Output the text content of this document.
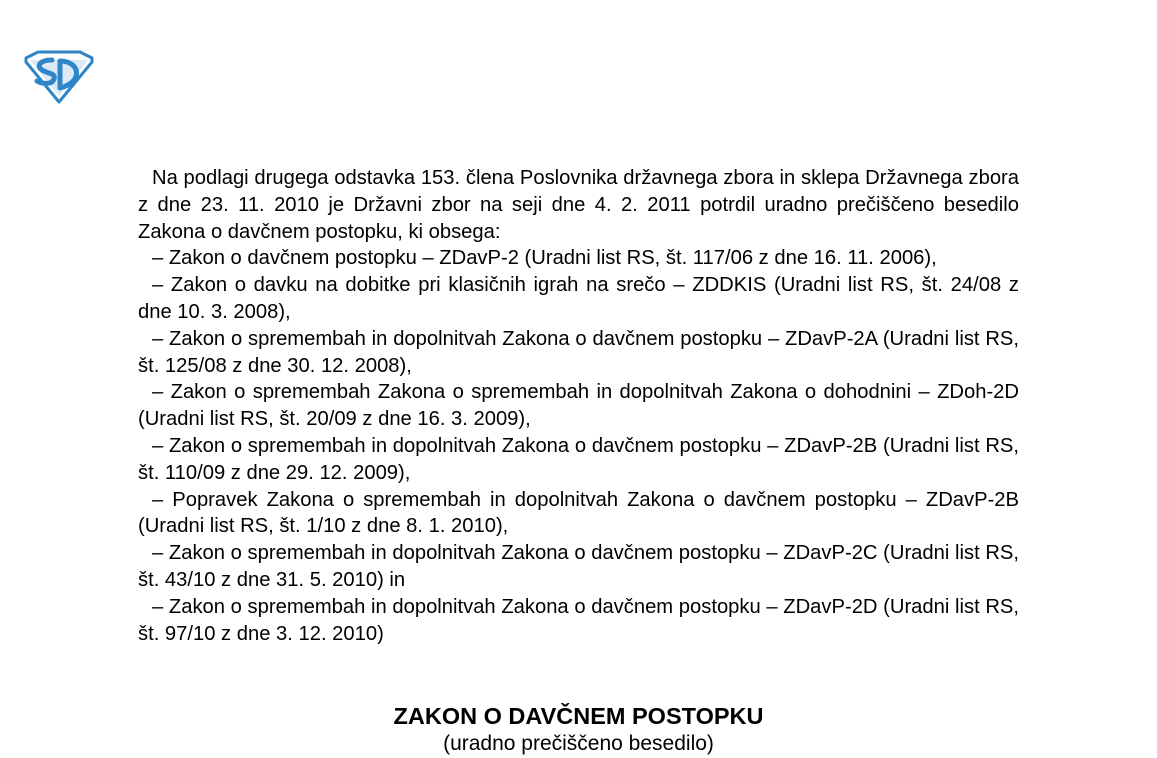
Na podlagi drugega odstavka 153. člena Poslovnika državnega zbora in sklepa Državnega zbora z dne 23. 11. 2010 je Državni zbor na seji dne 4. 2. 2011 potrdil uradno prečiščeno besedilo Zakona o davčnem postopku, ki obsega:

– Zakon o davčnem postopku – ZDavP-2 (Uradni list RS, št. 117/06 z dne 16. 11. 2006),

– Zakon o davku na dobitke pri klasičnih igrah na srečo – ZDDKIS (Uradni list RS, št. 24/08 z dne 10. 3. 2008),

– Zakon o spremembah in dopolnitvah Zakona o davčnem postopku – ZDavP-2A (Uradni list RS, št. 125/08 z dne 30. 12. 2008),

– Zakon o spremembah Zakona o spremembah in dopolnitvah Zakona o dohodnini – ZDoh-2D (Uradni list RS, št. 20/09 z dne 16. 3. 2009),

– Zakon o spremembah in dopolnitvah Zakona o davčnem postopku – ZDavP-2B (Uradni list RS, št. 110/09 z dne 29. 12. 2009),

– Popravek Zakona o spremembah in dopolnitvah Zakona o davčnem postopku – ZDavP-2B (Uradni list RS, št. 1/10 z dne 8. 1. 2010),

– Zakon o spremembah in dopolnitvah Zakona o davčnem postopku – ZDavP-2C (Uradni list RS, št. 43/10 z dne 31. 5. 2010) in

– Zakon o spremembah in dopolnitvah Zakona o davčnem postopku – ZDavP-2D (Uradni list RS, št. 97/10 z dne 3. 12. 2010)

ZAKON O DAVČNEM POSTOPKU

(uradno prečiščeno besedilo)
